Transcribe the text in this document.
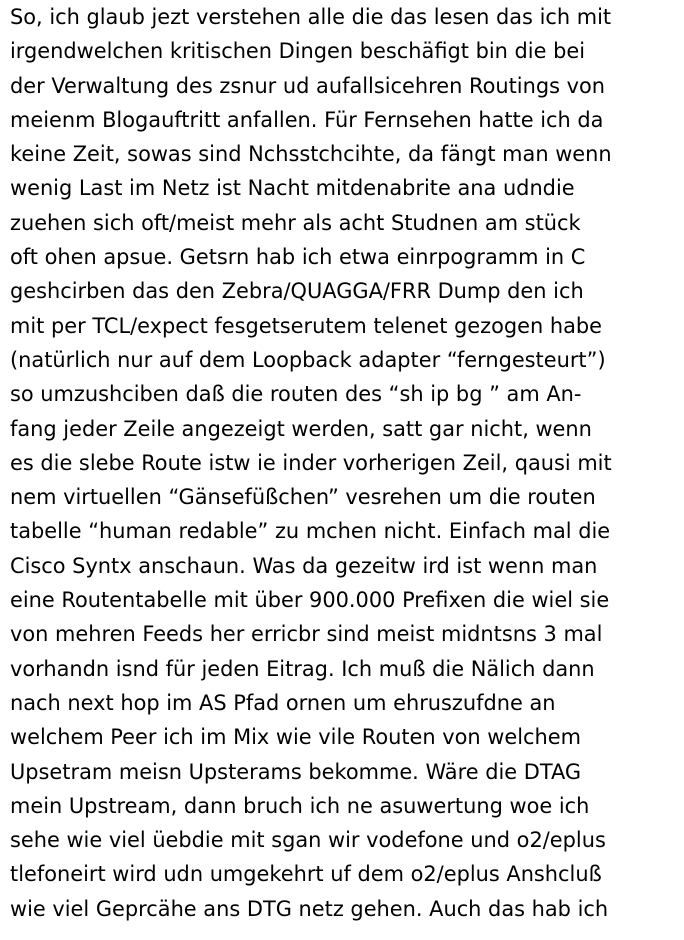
So, ich glaub jezt verstehen alle die das lesen das ich mit
irgendwelchen kritischen Dingen beschäfigt bin die bei
der Verwaltung des zsnur ud aufallsicehren Routings von
meienm Blogauftritt anfallen. Für Fernsehen hatte ich da
keine Zeit, sowas sind Nchsstchcihte, da fängt man wenn
wenig Last im Netz ist Nacht mitdenabrite ana udndie
zuehen sich oft/meist mehr als acht Studnen am stück
oft ohen apsue. Getsrn hab ich etwa einrpogramm in C
geshcirben das den Zebra/QUAGGA/FRR Dump den ich
mit per TCL/expect fesgetserutem telenet gezogen habe
(natürlich nur auf dem Loopback adapter “ferngesteurt”)
so umzushciben daß die routen des “sh ip bg ” am An-
fang jeder Zeile angezeigt werden, satt gar nicht, wenn
es die slebe Route istw ie inder vorherigen Zeil, qausi mit
nem virtuellen “Gänsefüßchen” vesrehen um die routen
tabelle “human redable” zu mchen nicht. Einfach mal die
Cisco Syntx anschaun. Was da gezeitw ird ist wenn man
eine Routentabelle mit über 900.000 Prefixen die wiel sie
von mehren Feeds her erricbr sind meist midntsns 3 mal
vorhandn isnd für jeden Eitrag. Ich muß die Nälich dann
nach next hop im AS Pfad ornen um ehruszufdne an
welchem Peer ich im Mix wie vile Routen von welchem
Upsetram meisn Upsterams bekomme. Wäre die DTAG
mein Upstream, dann bruch ich ne asuwertung woe ich
sehe wie viel üebdie mit sgan wir vodefone und o2/eplus
tlefoneirt wird udn umgekehrt uf dem o2/eplus Anshcluß
wie viel Geprcähe ans DTG netz gehen. Auch das hab ich
